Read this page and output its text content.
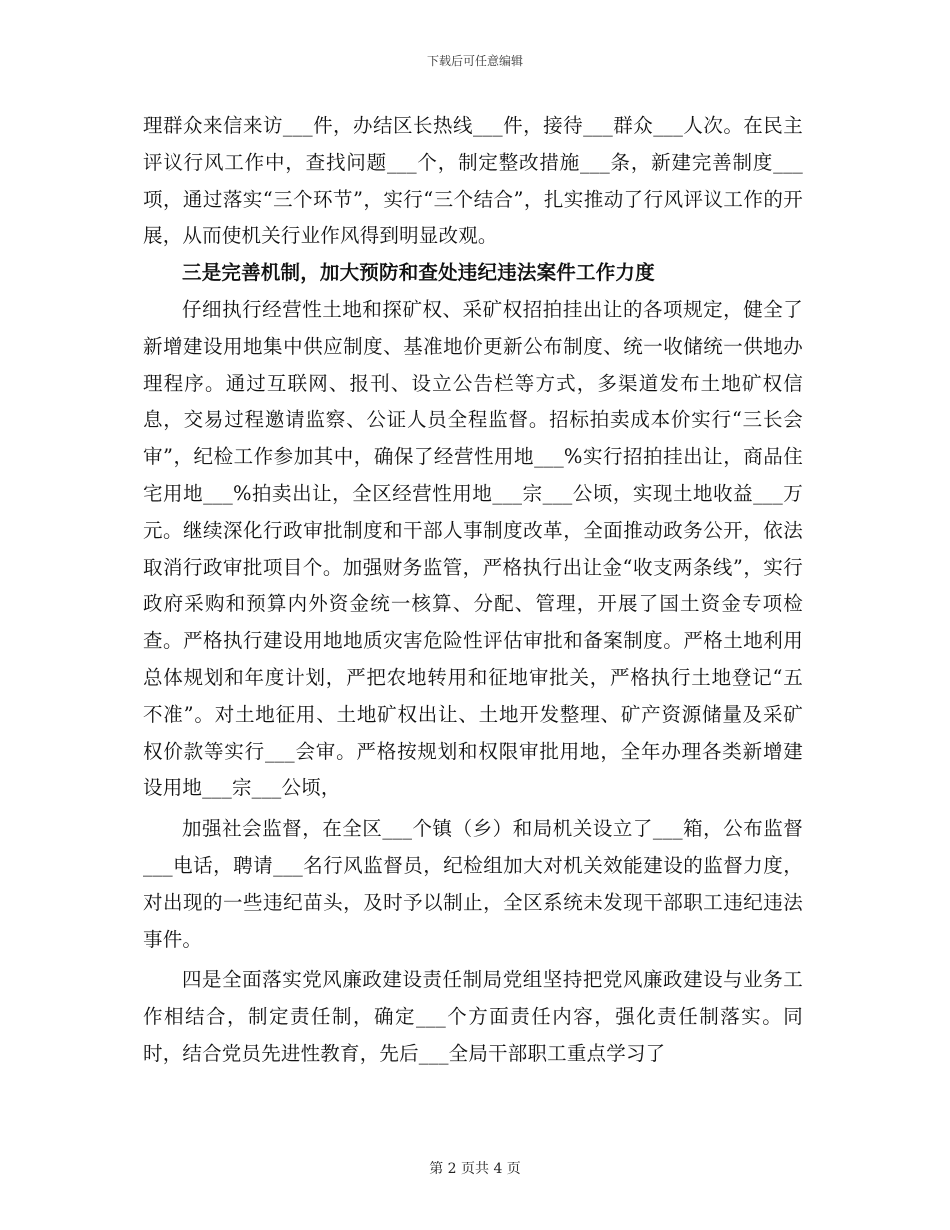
下载后可任意编辑

理群众来信来访___件，办结区长热线___件，接待___群众___人次。在民主评议行风工作中，查找问题___个，制定整改措施___条，新建完善制度___项，通过落实“三个环节”，实行“三个结合”，扎实推动了行风评议工作的开展，从而使机关行业作风得到明显改观。

三是完善机制，加大预防和查处违纪违法案件工作力度

仔细执行经营性土地和探矿权、采矿权招拍挂出让的各项规定，健全了新增建设用地集中供应制度、基准地价更新公布制度、统一收储统一供地办理程序。通过互联网、报刊、设立公告栏等方式，多渠道发布土地矿权信息，交易过程邀请监察、公证人员全程监督。招标拍卖成本价实行“三长会审”，纪检工作参加其中，确保了经营性用地___%实行招拍挂出让，商品住宅用地___%拍卖出让，全区经营性用地___宗___公顷，实现土地收益___万元。继续深化行政审批制度和干部人事制度改革，全面推动政务公开，依法取消行政审批项目个。加强财务监管，严格执行出让金“收支两条线”，实行政府采购和预算内外资金统一核算、分配、管理，开展了国土资金专项检查。严格执行建设用地地质灾害危险性评估审批和备案制度。严格土地利用总体规划和年度计划，严把农地转用和征地审批关，严格执行土地登记“五不准”。对土地征用、土地矿权出让、土地开发整理、矿产资源储量及采矿权价款等实行___会审。严格按规划和权限审批用地，全年办理各类新增建设用地___宗___公顷，

加强社会监督，在全区___个镇（乡）和局机关设立了___箱，公布监督___电话，聘请___名行风监督员，纪检组加大对机关效能建设的监督力度，对出现的一些违纪苗头，及时予以制止，全区系统未发现干部职工违纪违法事件。

四是全面落实党风廉政建设责任制局党组坚持把党风廉政建设与业务工作相结合，制定责任制，确定___个方面责任内容，强化责任制落实。同时，结合党员先进性教育，先后___全局干部职工重点学习了

第 2 页共 4 页
